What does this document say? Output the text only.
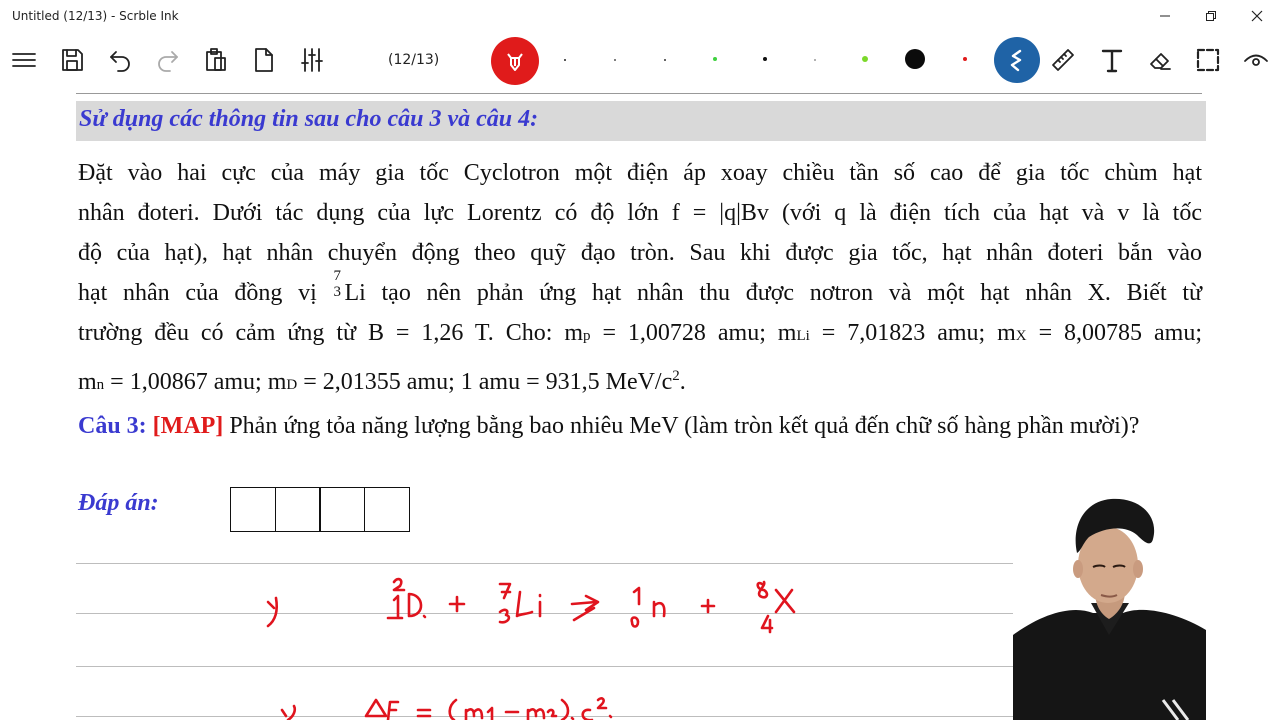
Untitled (12/13) - Scrble Ink
(12/13)
Sử dụng các thông tin sau cho câu 3 và câu 4:
Đặt vào hai cực của máy gia tốc Cyclotron một điện áp xoay chiều tần số cao để gia tốc chùm hạt
nhân đoteri. Dưới tác dụng của lực Lorentz có độ lớn f = |q|Bv (với q là điện tích của hạt và v là tốc
độ của hạt), hạt nhân chuyển động theo quỹ đạo tròn. Sau khi được gia tốc, hạt nhân đoteri bắn vào
hạt nhân của đồng vị
7
3 Li tạo nên phản ứng hạt nhân thu được nơtron và một hạt nhân X. Biết từ
trường đều có cảm ứng từ B = 1,26 T. Cho: mp = 1,00728 amu; mLi = 7,01823 amu; mX = 8,00785 amu;
mn = 1,00867 amu; mD = 2,01355 amu; 1 amu = 931,5 MeV/$c^2$.
Câu 3: [MAP] Phản ứng tỏa năng lượng bằng bao nhiêu MeV (làm tròn kết quả đến chữ số hàng phần mười)?
Đáp án:
